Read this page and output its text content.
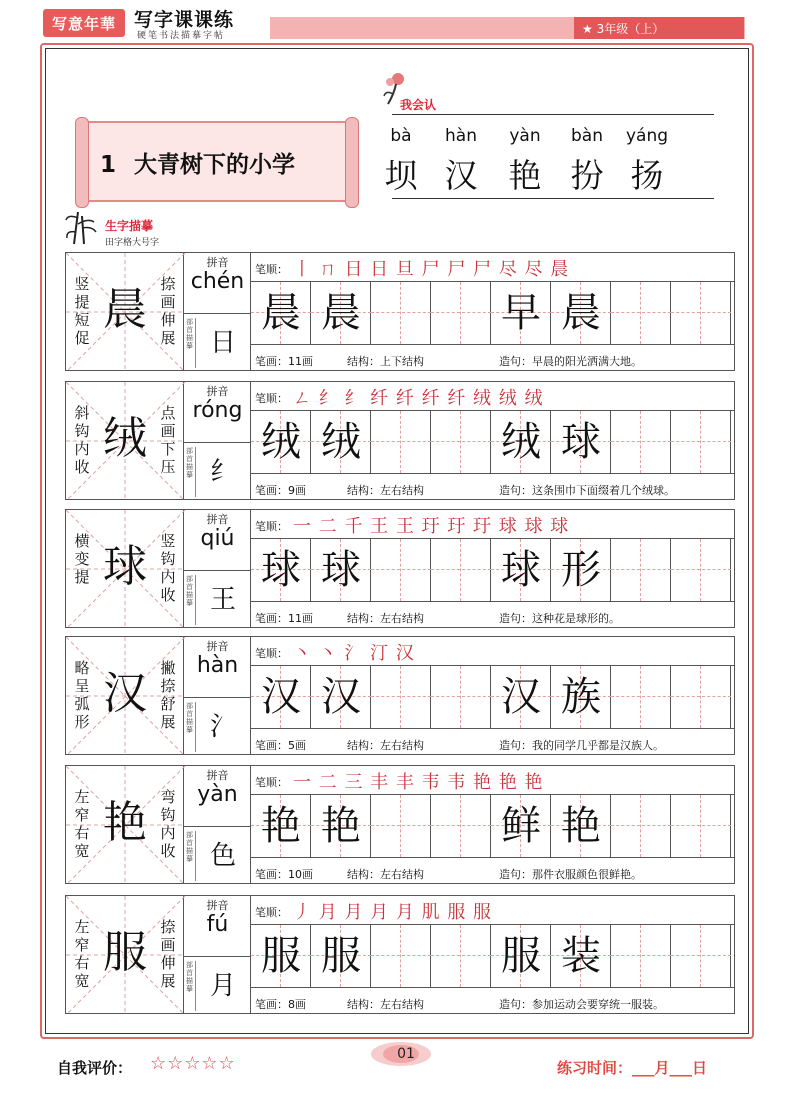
写意年華 写字课课练
硬笔书法描摹字帖
★ 3年级（上）
1 大青树下的小学
我会认
bà	hàn	yàn	bàn	yáng
坝 汉 艳 扮 扬
生字描摹
田字格大号字
竖
提
短
促
晨 捺
画
伸
展
拼音
chén
部首描摹 日
笔顺： 丨 ㄇ 日 日 旦 尸 尸 尸 尽 尽 晨
晨 晨	早 晨
笔画：11画	结构：上下结构	造句：早晨的阳光洒满大地。
斜
钩
内
收
绒 点
画
下
压
拼音
róng
部首描摹 纟
笔顺： ㄥ 纟 纟 纤 纤 纤 纤 绒 绒 绒
绒 绒	绒 球
笔画：9画	结构：左右结构	造句：这条围巾下面缀着几个绒球。
横
变
提 球 竖
钩
内
收
拼音
qiú
部首描摹 王
笔顺： 一 二 千 王 王 玗 玗 玗 球 球 球
球 球	球 形
笔画：11画	结构：左右结构	造句：这种花是球形的。
略
呈
弧
形
汉 撇
捺
舒
展
拼音
hàn
部首描摹 氵
笔顺： 丶 丶 氵 汀 汉
汉 汉	汉 族
笔画：5画	结构：左右结构	造句：我的同学几乎都是汉族人。
左
窄
右
宽
艳 弯
钩
内
收
拼音
yàn
部首描摹 色
笔顺： 一 二 三 丰 丰 韦 韦 艳 艳 艳
艳 艳	鲜 艳
笔画：10画	结构：左右结构	造句：那件衣服颜色很鲜艳。
左
窄
右
宽
服 捺
画
伸
展
拼音
fú
部首描摹 月
笔顺： 丿 月 月 月 月 肌 服 服
服 服	服 装
笔画：8画	结构：左右结构	造句：参加运动会要穿统一服装。
自我评价： ☆☆☆☆☆	01
练习时间：___月___日
